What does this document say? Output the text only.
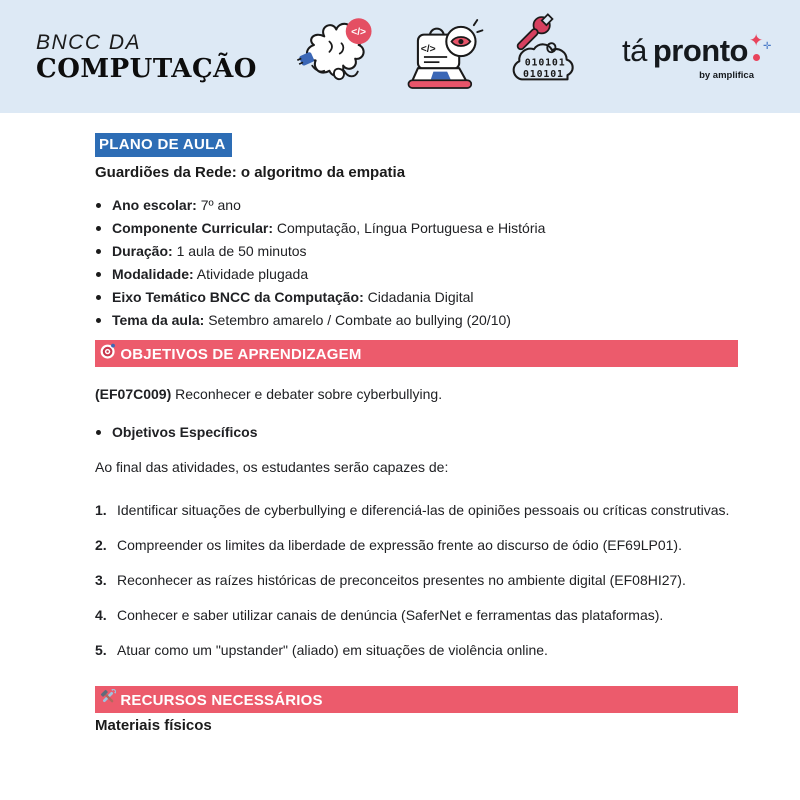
BNCC DA
COMPUTAÇÃO
</>
</>
010101
010101
tá pronto ✦ ✛
by amplifica
PLANO DE AULA
Guardiões da Rede: o algoritmo da empatia
Ano escolar: 7º ano
Componente Curricular: Computação, Língua Portuguesa e História
Duração: 1 aula de 50 minutos
Modalidade: Atividade plugada
Eixo Temático BNCC da Computação: Cidadania Digital
Tema da aula: Setembro amarelo / Combate ao bullying (20/10)
OBJETIVOS DE APRENDIZAGEM

(EF07C009) Reconhecer e debater sobre cyberbullying.

Objetivos Específicos

Ao final das atividades, os estudantes serão capazes de:

1. Identificar situações de cyberbullying e diferenciá-las de opiniões pessoais ou críticas construtivas.
2. Compreender os limites da liberdade de expressão frente ao discurso de ódio (EF69LP01).
3. Reconhecer as raízes históricas de preconceitos presentes no ambiente digital (EF08HI27).
4. Conhecer e saber utilizar canais de denúncia (SaferNet e ferramentas das plataformas).
5. Atuar como um "upstander" (aliado) em situações de violência online.
RECURSOS NECESSÁRIOS
Materiais físicos
